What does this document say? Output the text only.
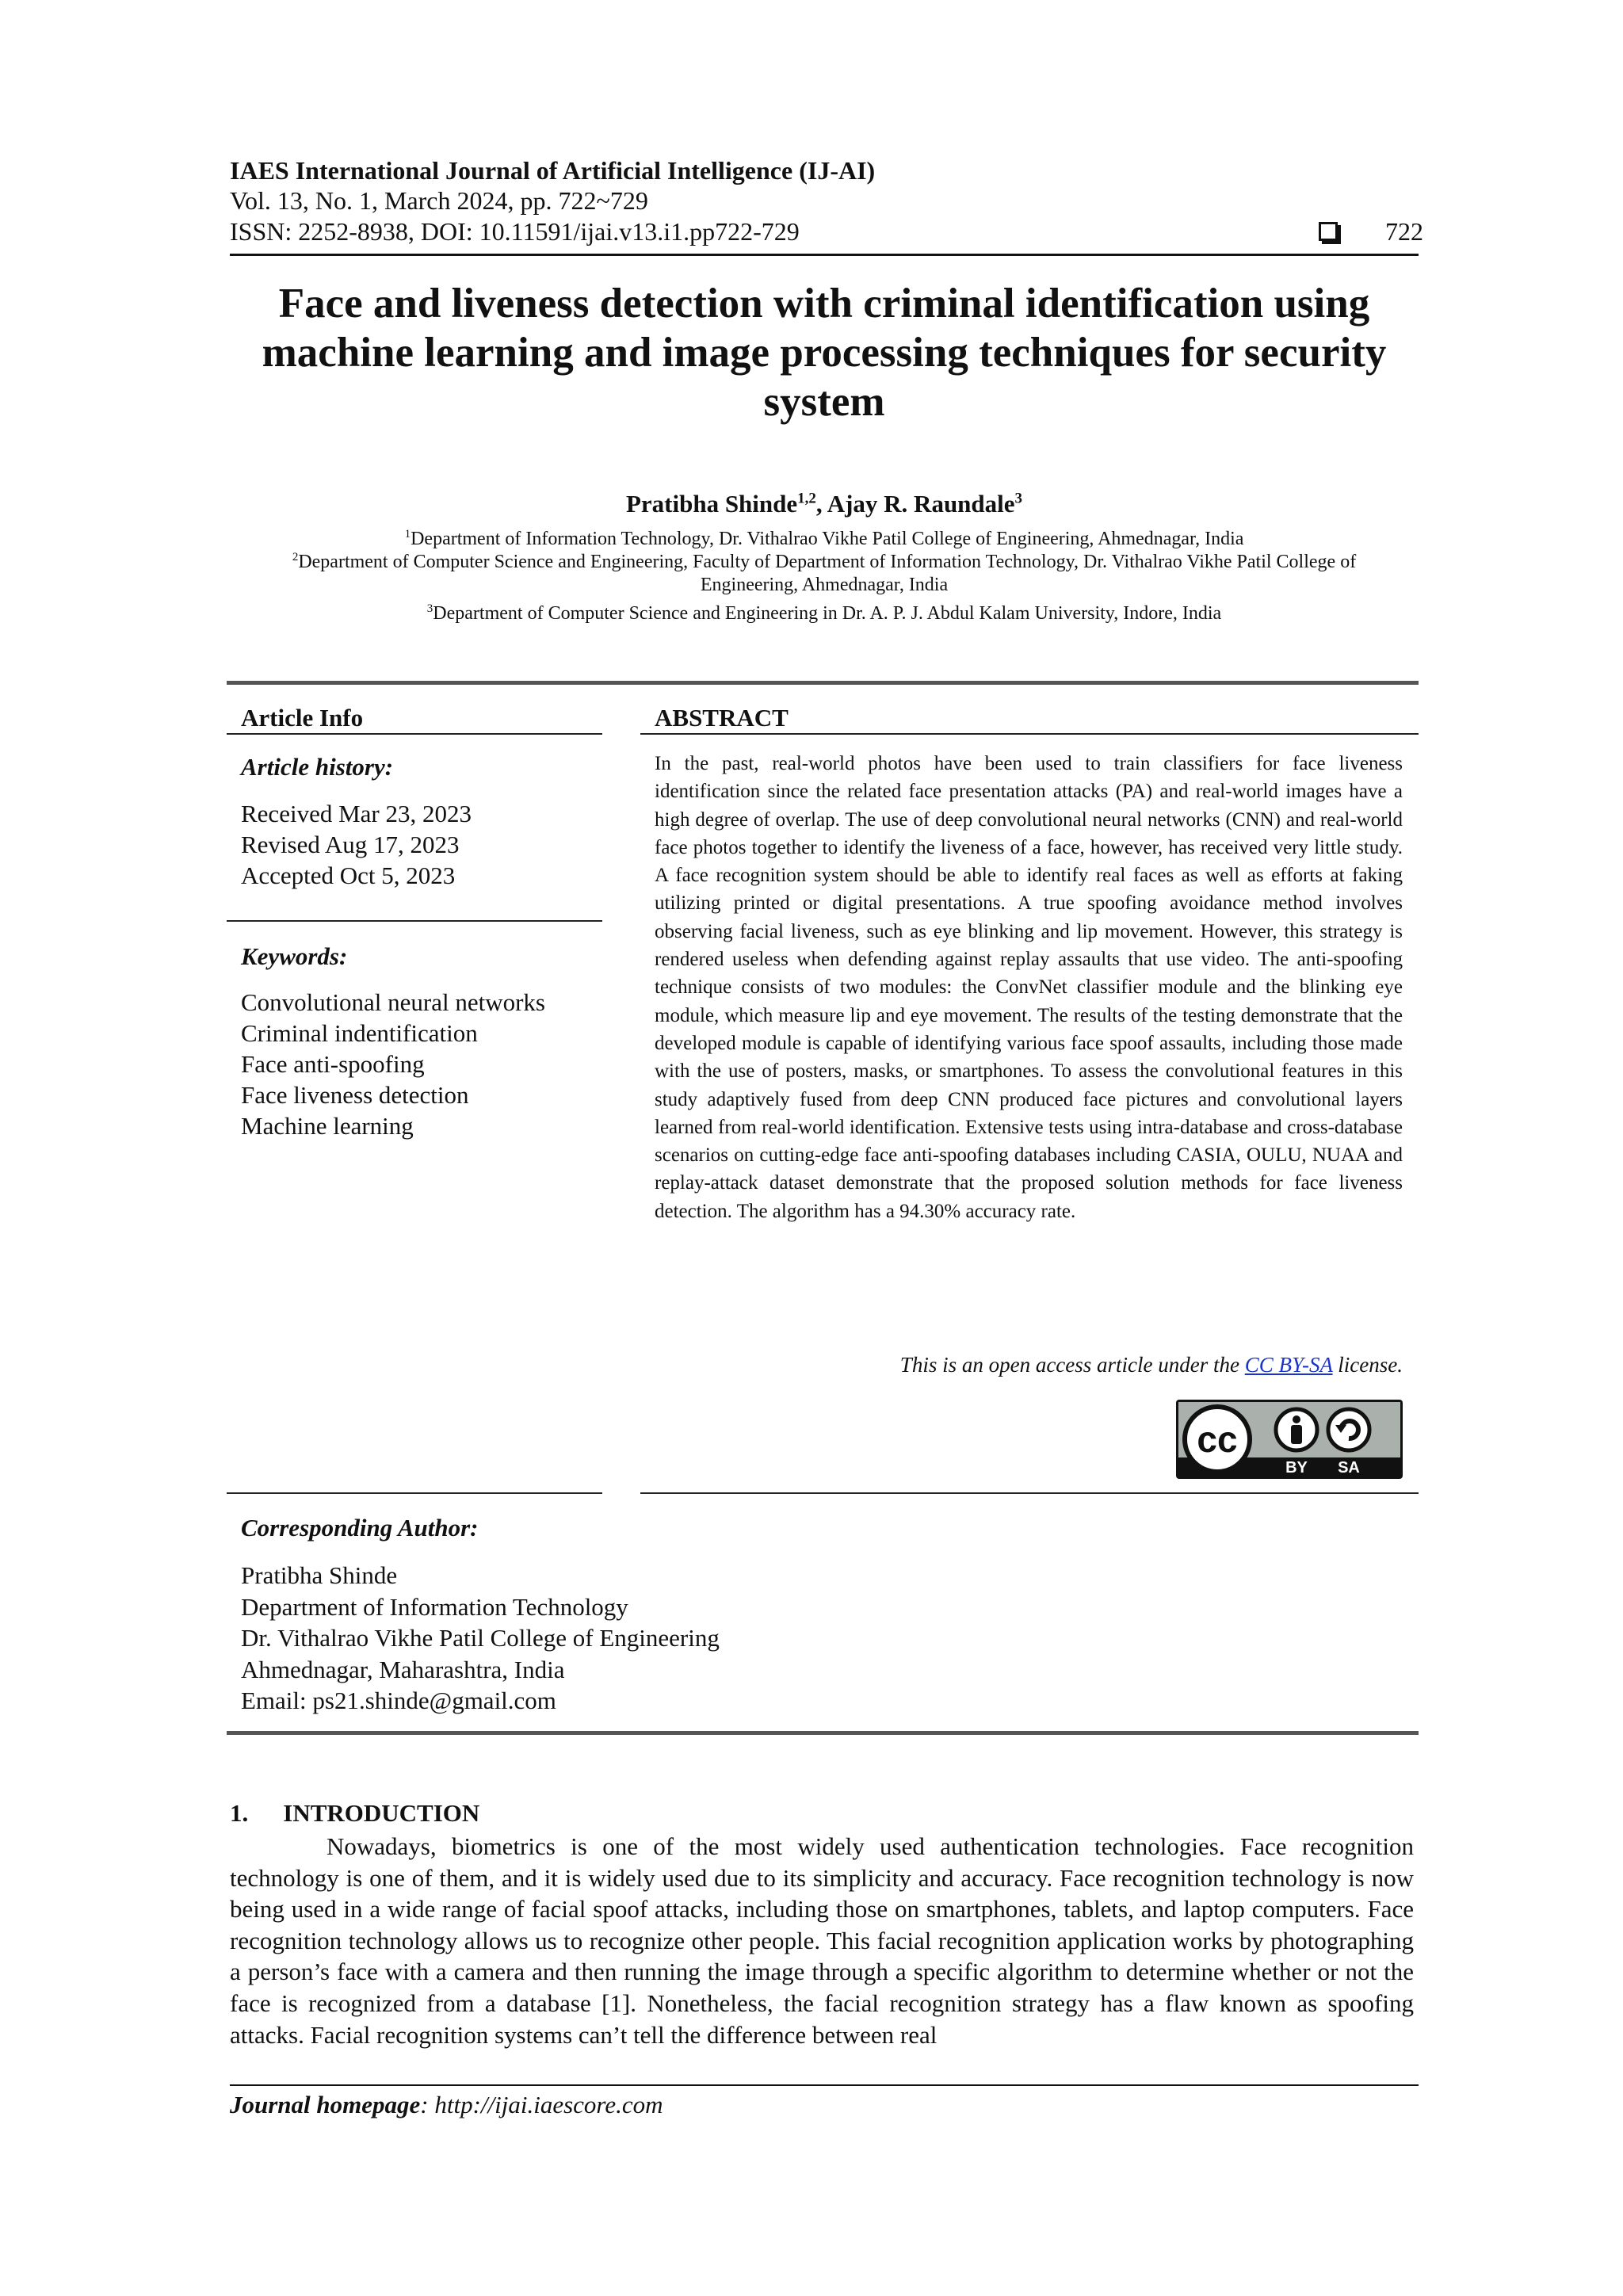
IAES International Journal of Artificial Intelligence (IJ-AI)
Vol. 13, No. 1, March 2024, pp. 722~729
ISSN: 2252-8938, DOI: 10.11591/ijai.v13.i1.pp722-729	722
Face and liveness detection with criminal identification using machine learning and image processing techniques for security system
Pratibha Shinde$^{1,2}$, Ajay R. Raundale$^3$
$^1$Department of Information Technology, Dr. Vithalrao Vikhe Patil College of Engineering, Ahmednagar, India
$^2$Department of Computer Science and Engineering, Faculty of Department of Information Technology, Dr. Vithalrao Vikhe Patil College of Engineering, Ahmednagar, India
$^3$Department of Computer Science and Engineering in Dr. A. P. J. Abdul Kalam University, Indore, India
Article Info
Article history:
Received Mar 23, 2023
Revised Aug 17, 2023
Accepted Oct 5, 2023
Keywords:
Convolutional neural networks
Criminal indentification
Face anti-spoofing
Face liveness detection
Machine learning
ABSTRACT
In the past, real-world photos have been used to train classifiers for face liveness identification since the related face presentation attacks (PA) and real-world images have a high degree of overlap. The use of deep convolutional neural networks (CNN) and real-world face photos together to identify the liveness of a face, however, has received very little study. A face recognition system should be able to identify real faces as well as efforts at faking utilizing printed or digital presentations. A true spoofing avoidance method involves observing facial liveness, such as eye blinking and lip movement. However, this strategy is rendered useless when defending against replay assaults that use video. The anti-spoofing technique consists of two modules: the ConvNet classifier module and the blinking eye module, which measure lip and eye movement. The results of the testing demonstrate that the developed module is capable of identifying various face spoof assaults, including those made with the use of posters, masks, or smartphones. To assess the convolutional features in this study adaptively fused from deep CNN produced face pictures and convolutional layers learned from real-world identification. Extensive tests using intra-database and cross-database scenarios on cutting-edge face anti-spoofing databases including CASIA, OULU, NUAA and replay-attack dataset demonstrate that the proposed solution methods for face liveness detection. The algorithm has a 94.30% accuracy rate.
This is an open access article under the CC BY-SA license.
cc
BY SA
Corresponding Author:
Pratibha Shinde
Department of Information Technology
Dr. Vithalrao Vikhe Patil College of Engineering
Ahmednagar, Maharashtra, India
Email: ps21.shinde@gmail.com
1. INTRODUCTION

Nowadays, biometrics is one of the most widely used authentication technologies. Face recognition technology is one of them, and it is widely used due to its simplicity and accuracy. Face recognition technology is now being used in a wide range of facial spoof attacks, including those on smartphones, tablets, and laptop computers. Face recognition technology allows us to recognize other people. This facial recognition application works by photographing a person’s face with a camera and then running the image through a specific algorithm to determine whether or not the face is recognized from a database [1]. Nonetheless, the facial recognition strategy has a flaw known as spoofing attacks. Facial recognition systems can’t tell the difference between real

Journal homepage: http://ijai.iaescore.com
